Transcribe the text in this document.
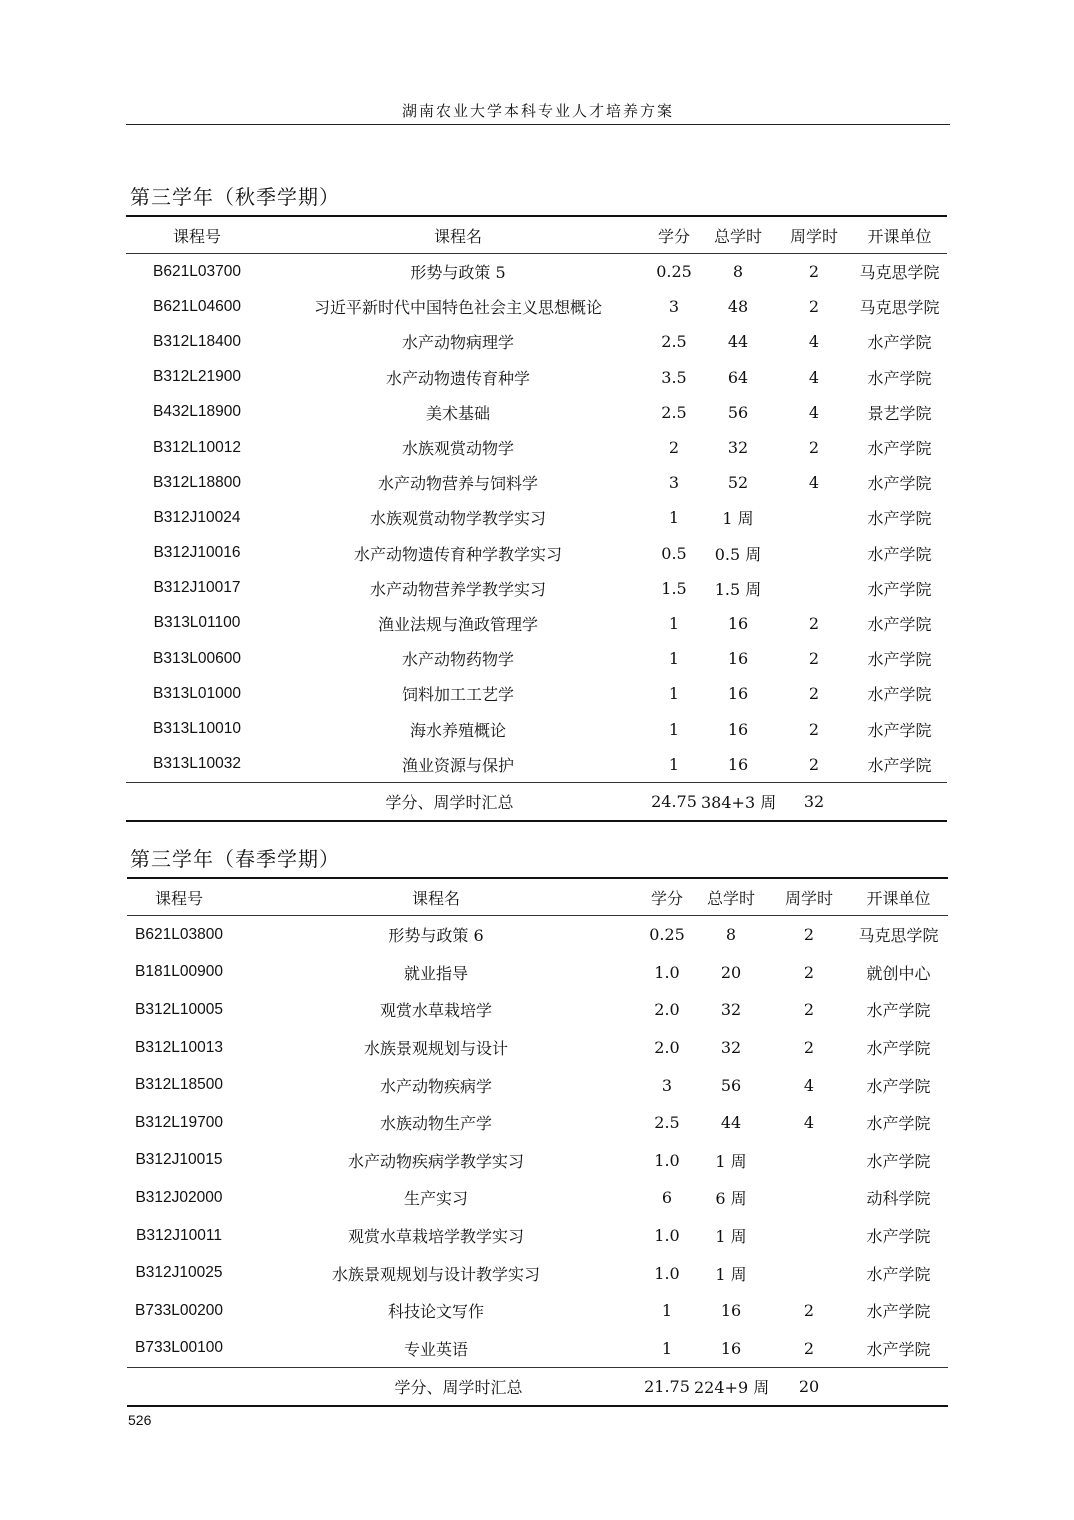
湖南农业大学本科专业人才培养方案
第三学年（秋季学期）
课程号	课程名	学分	总学时	周学时	开课单位
B621L03700	形势与政策 5	0.25	8	2	马克思学院
B621L04600	习近平新时代中国特色社会主义思想概论	3	48	2	马克思学院
B312L18400	水产动物病理学	2.5	44	4	水产学院
B312L21900	水产动物遗传育种学	3.5	64	4	水产学院
B432L18900	美术基础	2.5	56	4	景艺学院
B312L10012	水族观赏动物学	2	32	2	水产学院
B312L18800	水产动物营养与饲料学	3	52	4	水产学院
B312J10024	水族观赏动物学教学实习	1	1 周		水产学院
B312J10016	水产动物遗传育种学教学实习	0.5	0.5 周		水产学院
B312J10017	水产动物营养学教学实习	1.5	1.5 周		水产学院
B313L01100	渔业法规与渔政管理学	1	16	2	水产学院
B313L00600	水产动物药物学	1	16	2	水产学院
B313L01000	饲料加工工艺学	1	16	2	水产学院
B313L10010	海水养殖概论	1	16	2	水产学院
B313L10032	渔业资源与保护	1	16	2	水产学院
学分、周学时汇总		24.75	384+3 周	32	
第三学年（春季学期）
课程号	课程名	学分	总学时	周学时	开课单位
B621L03800	形势与政策 6	0.25	8	2	马克思学院
B181L00900	就业指导	1.0	20	2	就创中心
B312L10005	观赏水草栽培学	2.0	32	2	水产学院
B312L10013	水族景观规划与设计	2.0	32	2	水产学院
B312L18500	水产动物疾病学	3	56	4	水产学院
B312L19700	水族动物生产学	2.5	44	4	水产学院
B312J10015	水产动物疾病学教学实习	1.0	1 周		水产学院
B312J02000	生产实习	6	6 周		动科学院
B312J10011	观赏水草栽培学教学实习	1.0	1 周		水产学院
B312J10025	水族景观规划与设计教学实习	1.0	1 周		水产学院
B733L00200	科技论文写作	1	16	2	水产学院
B733L00100	专业英语	1	16	2	水产学院
学分、周学时汇总		21.75	224+9 周	20	
526
